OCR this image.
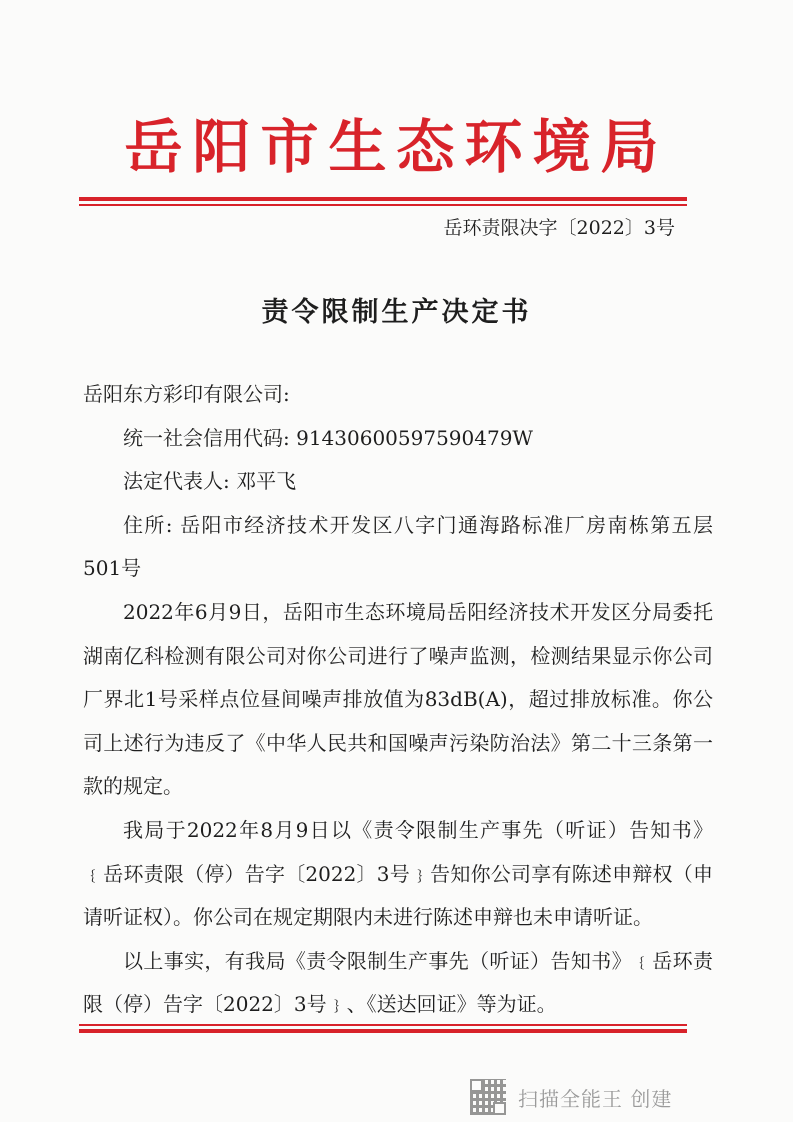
岳阳市生态环境局
岳环责限决字〔2022〕3号
责令限制生产决定书

岳阳东方彩印有限公司:

统一社会信用代码: 91430600597590479W

法定代表人: 邓平飞

住所: 岳阳市经济技术开发区八字门通海路标准厂房南栋第五层501号

2022年6月9日，岳阳市生态环境局岳阳经济技术开发区分局委托湖南亿科检测有限公司对你公司进行了噪声监测，检测结果显示你公司厂界北1号采样点位昼间噪声排放值为83dB(A)，超过排放标准。你公司上述行为违反了《中华人民共和国噪声污染防治法》第二十三条第一款的规定。

我局于2022年8月9日以《责令限制生产事先（听证）告知书》﹛岳环责限（停）告字〔2022〕3号﹜告知你公司享有陈述申辩权（申请听证权）。你公司在规定期限内未进行陈述申辩也未申请听证。

以上事实，有我局《责令限制生产事先（听证）告知书》﹛岳环责限（停）告字〔2022〕3号﹜、《送达回证》等为证。

扫描全能王 创建
